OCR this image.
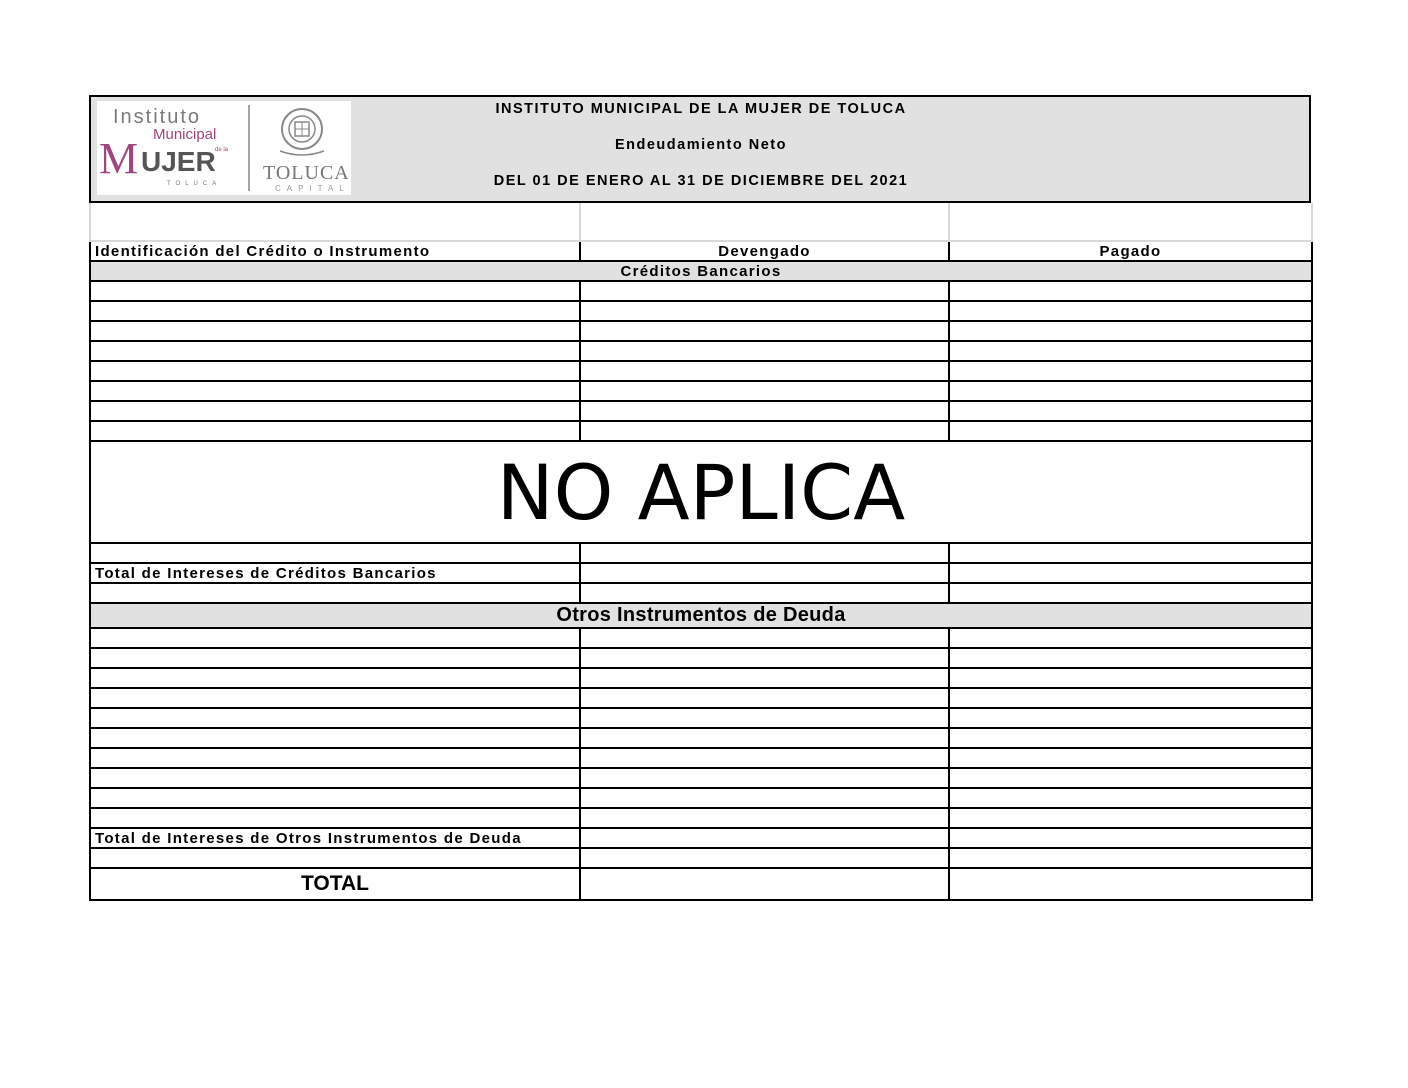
Instituto
Municipal
de la
M UJER
TOLUCA TOLUCA
CAPITAL
INSTITUTO MUNICIPAL DE LA MUJER DE TOLUCA
Endeudamiento Neto
DEL 01 DE ENERO AL 31 DE DICIEMBRE DEL 2021

Identificación del Crédito o Instrumento	Devengado	Pagado
Créditos Bancarios		

NO APLICA		

Total de Intereses de Créditos Bancarios		

Otros Instrumentos de Deuda		

Total de Intereses de Otros Instrumentos de Deuda		

TOTAL		
